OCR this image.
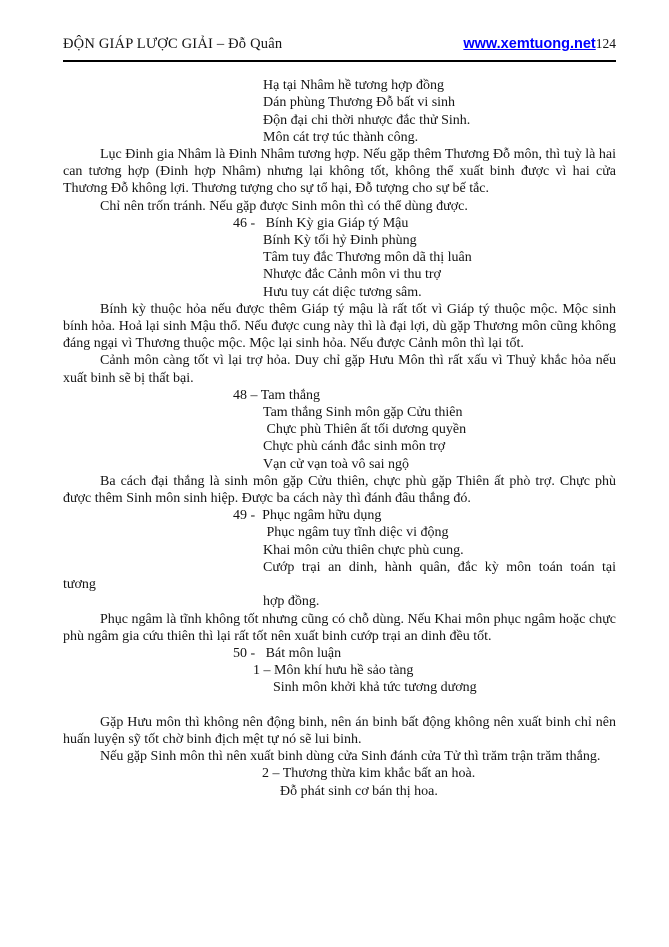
ĐỘN GIÁP LƯỢC GIẢI – Đỗ Quân	www.xemtuong.net124
Hạ tại Nhâm hề tương hợp đồng
Dán phùng Thương Đỗ bất vi sinh
Độn đại chi thời nhược đắc thử Sinh.
Môn cát trợ túc thành công.
Lục Đinh gia Nhâm là Đinh Nhâm tương hợp. Nếu gặp thêm Thương Đỗ môn, thì tuỳ là hai can tương hợp (Đinh hợp Nhâm) nhưng lại không tốt, không thể xuất binh được vì hai cửa Thương Đỗ không lợi. Thương tượng cho sự tổ hại, Đỗ tượng cho sự bế tắc.
Chỉ nên trốn tránh. Nếu gặp được Sinh môn thì có thể dùng được.
46 -   Bính Kỳ gia Giáp tý Mậu
Bính Kỳ tối hỷ Đinh phùng
Tâm tuy đắc Thương môn dã thị luân
Nhược đắc Cảnh môn vi thu trợ
Hưu tuy cát diệc tương sâm.
Bính kỳ thuộc hỏa nếu được thêm Giáp tý mậu là rất tốt vì Giáp tý thuộc mộc. Mộc sinh bính hỏa. Hoả lại sinh Mậu thổ. Nếu được cung này thì là đại lợi, dù gặp Thương môn cũng không đáng ngại vì Thương thuộc mộc. Mộc lại sinh hỏa. Nếu được Cảnh môn thì lại tốt.
Cảnh môn càng tốt vì lại trợ hỏa. Duy chỉ gặp Hưu Môn thì rất xấu vì Thuỷ khắc hỏa nếu xuất binh sẽ bị thất bại.
48 – Tam thắng
Tam thắng Sinh môn gặp Cửu thiên
Chực phù Thiên ất tối dương quyền
Chực phù cánh đắc sinh môn trợ
Vạn cử vạn toà vô sai ngộ
Ba cách đại thắng là sinh môn gặp Cửu thiên, chực phù gặp Thiên ất phò trợ. Chực phù được thêm Sinh môn sinh hiệp. Được ba cách này thì đánh đâu thắng đó.
49 -  Phục ngâm hữu dụng
Phục ngâm tuy tĩnh diệc vi động
Khai môn cửu thiên chực phù cung.
Cướp trại an dinh, hành quân, đắc kỳ môn toán toán tại
tương
hợp đồng.
Phục ngâm là tĩnh không tốt nhưng cũng có chỗ dùng. Nếu Khai môn phục ngâm hoặc chực phù ngâm gia cứu thiên thì lại rất tốt nên xuất binh cướp trại an dinh đều tốt.
50 -   Bát môn luận
1 – Môn khí hưu hề sảo tàng
Sinh môn khởi khả tức tương dương
Gặp Hưu môn thì không nên động binh, nên án binh bất động không nên xuất binh chỉ nên huấn luyện sỹ tốt chờ binh địch mệt tự nó sẽ lui binh.
Nếu gặp Sinh môn thì nên xuất binh dùng cửa Sinh đánh cửa Tử thì trăm trận trăm thắng.
2 – Thương thừa kim khắc bất an hoà.
Đỗ phát sinh cơ bán thị hoa.
